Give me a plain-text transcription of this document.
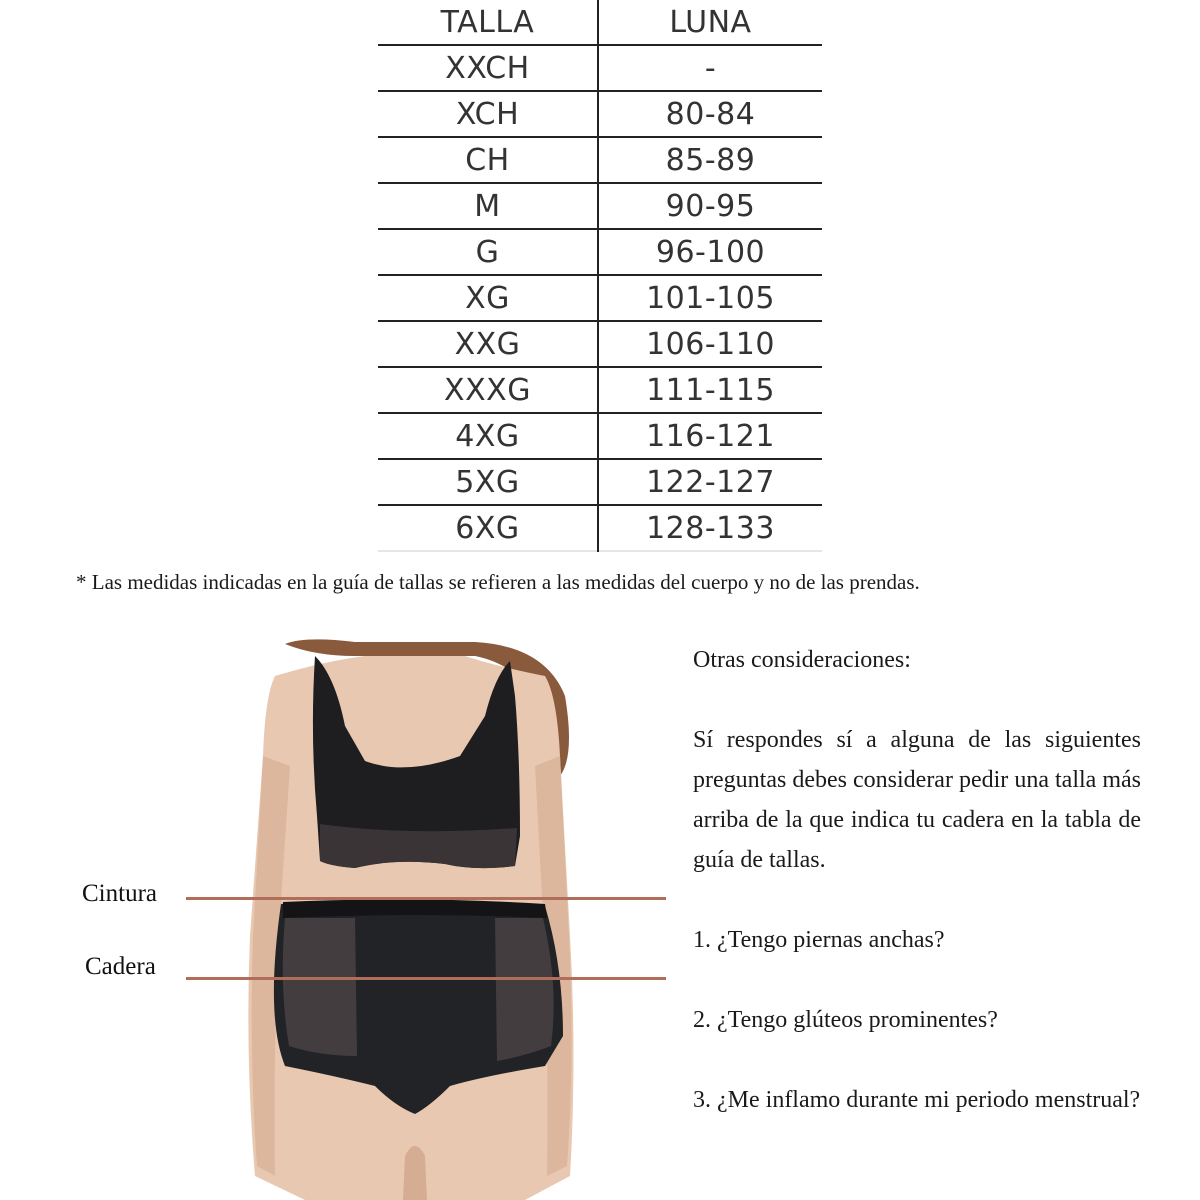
TALLA	LUNA
XXCH	-
XCH	80-84
CH	85-89
M	90-95
G	96-100
XG	101-105
XXG	106-110
XXXG	111-115
4XG	116-121
5XG	122-127
6XG	128-133
* Las medidas indicadas en la guía de tallas se refieren a las medidas del cuerpo y no de las prendas.
Cintura
Cadera

Otras consideraciones:

Sí respondes sí a alguna de las siguientes preguntas debes considerar pedir una talla más arriba de la que indica tu cadera en la tabla de guía de tallas.

1. ¿Tengo piernas anchas?

2. ¿Tengo glúteos prominentes?

3. ¿Me inflamo durante mi periodo menstrual?
